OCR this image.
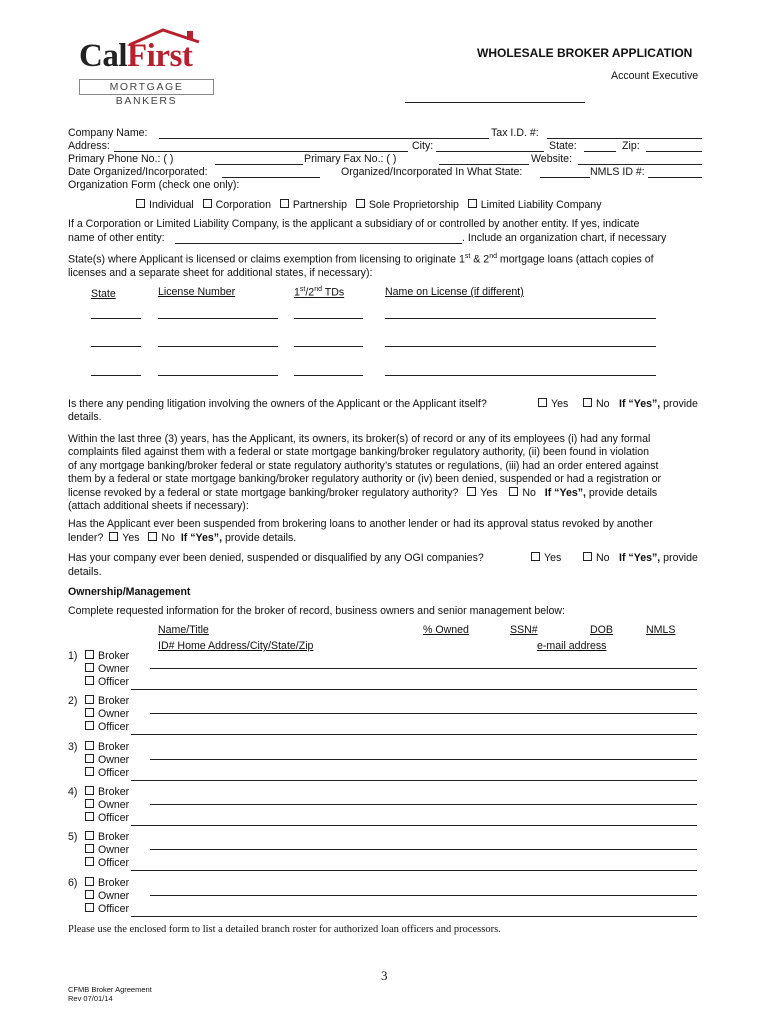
CalFirst
MORTGAGE BANKERS
WHOLESALE BROKER APPLICATION
Account Executive
Company Name:	Tax I.D. #:
Address:	City:	State:	Zip:
Primary Phone No.: ( )	Primary Fax No.: ( )	Website:
Date Organized/Incorporated:	Organized/Incorporated In What State:	NMLS ID #:
Organization Form (check one only):
Individual Corporation Partnership Sole Proprietorship Limited Liability Company
If a Corporation or Limited Liability Company, is the applicant a subsidiary of or controlled by another entity. If yes, indicate
name of other entity:	. Include an organization chart, if necessary
State(s) where Applicant is licensed or claims exemption from licensing to originate 1st & 2nd mortgage loans (attach copies of
licenses and a separate sheet for additional states, if necessary):
State	License Number	1st/2nd TDs	Name on License (if different)
Is there any pending litigation involving the owners of the Applicant or the Applicant itself?	Yes	No If “Yes”, provide
details.
Within the last three (3) years, has the Applicant, its owners, its broker(s) of record or any of its employees (i) had any formal
complaints filed against them with a federal or state mortgage banking/broker regulatory authority, (ii) been found in violation
of any mortgage banking/broker federal or state regulatory authority’s statutes or regulations, (iii) had an order entered against
them by a federal or state mortgage banking/broker regulatory authority or (iv) been denied, suspended or had a registration or
license revoked by a federal or state mortgage banking/broker regulatory authority? Yes No If “Yes”, provide details
(attach additional sheets if necessary):
Has the Applicant ever been suspended from brokering loans to another lender or had its approval status revoked by another
lender? Yes No If “Yes”, provide details.
Has your company ever been denied, suspended or disqualified by any OGI companies?	Yes	No If “Yes”, provide
details.
Ownership/Management
Complete requested information for the broker of record, business owners and senior management below:
Name/Title	% Owned	SSN#	DOB	NMLS
ID# Home Address/City/State/Zip	e-mail address
1)	Broker
Owner
Officer
2)	Broker
Owner
Officer
3)	Broker
Owner
Officer
4)	Broker
Owner
Officer
5)	Broker
Owner
Officer
6)	Broker
Owner
Officer
Please use the enclosed form to list a detailed branch roster for authorized loan officers and processors.
3
CFMB Broker Agreement
Rev 07/01/14
